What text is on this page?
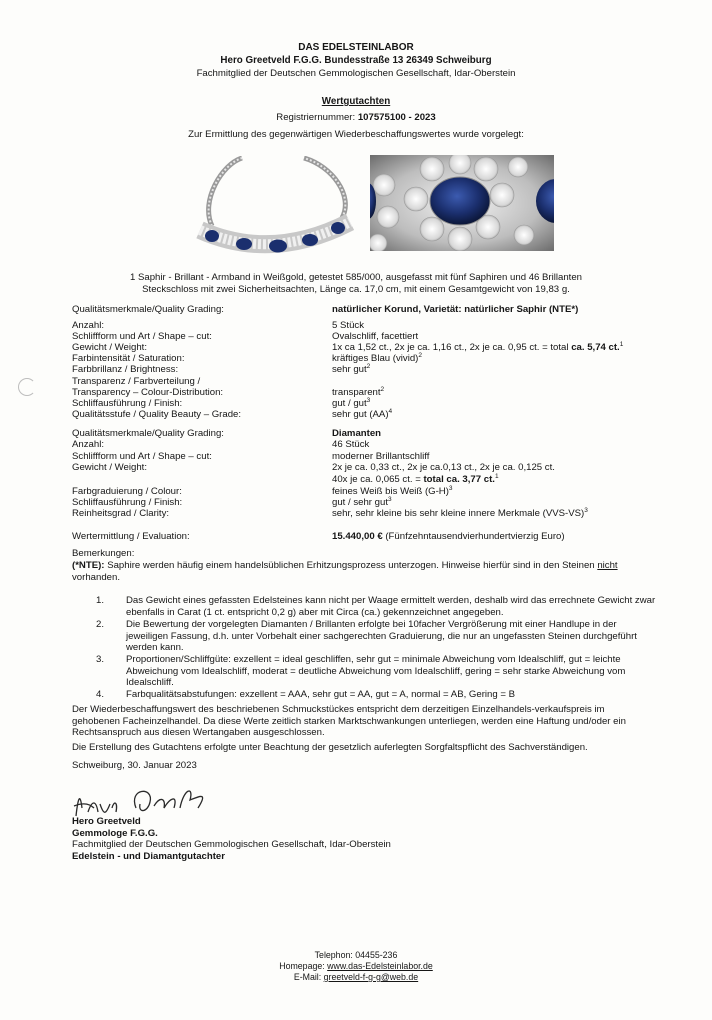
DAS EDELSTEINLABOR
Hero Greetveld F.G.G. Bundesstraße 13 26349 Schweiburg
Fachmitglied der Deutschen Gemmologischen Gesellschaft, Idar-Oberstein
Wertgutachten
Registriernummer: 107575100 - 2023
Zur Ermittlung des gegenwärtigen Wiederbeschaffungswertes wurde vorgelegt:
1 Saphir - Brillant - Armband in Weißgold, getestet 585/000, ausgefasst mit fünf Saphiren und 46 Brillanten
Steckschloss mit zwei Sicherheitsachten, Länge ca. 17,0 cm, mit einem Gesamtgewicht von 19,83 g.
Qualitätsmerkmale/Quality Grading:	natürlicher Korund, Varietät: natürlicher Saphir (NTE*)
Anzahl:	5 Stück
Schliffform und Art / Shape – cut:	Ovalschliff, facettiert
Gewicht / Weight:	1x ca 1,52 ct., 2x je ca. 1,16 ct., 2x je ca. 0,95 ct. = total ca. 5,74 ct.$^1$
Farbintensität / Saturation:	kräftiges Blau (vivid)$^2$
Farbbrillanz / Brightness:	sehr gut$^2$
Transparenz / Farbverteilung /
Transparency – Colour-Distribution:	transparent$^2$
Schliffausführung / Finish:	gut / gut$^3$
Qualitätsstufe / Quality Beauty – Grade:	sehr gut (AA)$^4$
Qualitätsmerkmale/Quality Grading:	Diamanten
Anzahl:	46 Stück
Schliffform und Art / Shape – cut:	moderner Brillantschliff
Gewicht / Weight:	2x je ca. 0,33 ct., 2x je ca.0,13 ct., 2x je ca. 0,125 ct.
40x je ca. 0,065 ct. = total ca. 3,77 ct.$^1$
Farbgraduierung / Colour:	feines Weiß bis Weiß $(G-H)^3$
Schliffausführung / Finish:	gut / sehr gut$^3$
Reinheitsgrad / Clarity:	sehr, sehr kleine bis sehr kleine innere Merkmale $(VVS-VS)^3$
Wertermittlung / Evaluation:	15.440,00 € (Fünfzehntausendvierhundertvierzig Euro)
Bemerkungen:
(*NTE): Saphire werden häufig einem handelsüblichen Erhitzungsprozess unterzogen. Hinweise hierfür sind in den Steinen nicht
vorhanden.
1. Das Gewicht eines gefassten Edelsteines kann nicht per Waage ermittelt werden, deshalb wird das errechnete Gewicht zwar
ebenfalls in Carat (1 ct. entspricht 0,2 g) aber mit Circa (ca.) gekennzeichnet angegeben.
2. Die Bewertung der vorgelegten Diamanten / Brillanten erfolgte bei 10facher Vergrößerung mit einer Handlupe in der
jeweiligen Fassung, d.h. unter Vorbehalt einer sachgerechten Graduierung, die nur an ungefassten Steinen durchgeführt
werden kann.
3. Proportionen/Schliffgüte: exzellent = ideal geschliffen, sehr gut = minimale Abweichung vom Idealschliff, gut = leichte
Abweichung vom Idealschliff, moderat = deutliche Abweichung vom Idealschliff, gering = sehr starke Abweichung vom
Idealschliff.
4. Farbqualitätsabstufungen: exzellent = AAA, sehr gut = AA, gut = A, normal = AB, Gering = B
Der Wiederbeschaffungswert des beschriebenen Schmuckstückes entspricht dem derzeitigen Einzelhandels-verkaufspreis im
gehobenen Facheinzelhandel. Da diese Werte zeitlich starken Marktschwankungen unterliegen, werden eine Haftung und/oder ein
Rechtsanspruch aus diesen Wertangaben ausgeschlossen.
Die Erstellung des Gutachtens erfolgte unter Beachtung der gesetzlich auferlegten Sorgfaltspflicht des Sachverständigen.
Schweiburg, 30. Januar 2023
Hero Greetveld
Gemmologe F.G.G.
Fachmitglied der Deutschen Gemmologischen Gesellschaft, Idar-Oberstein
Edelstein - und Diamantgutachter
Telephon: 04455-236
Homepage: www.das-Edelsteinlabor.de
E-Mail: greetveld-f-g-g@web.de
